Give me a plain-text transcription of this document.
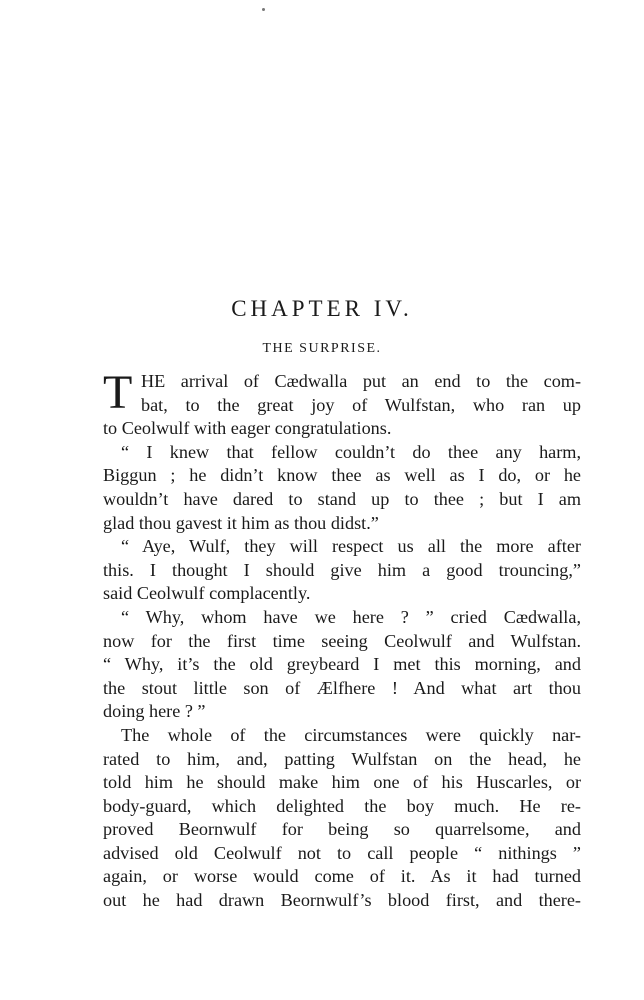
CHAPTER IV.
THE SURPRISE.
T HE arrival of Cædwalla put an end to the com-
bat, to the great joy of Wulfstan, who ran up
to Ceolwulf with eager congratulations.
“ I knew that fellow couldn’t do thee any harm,
Biggun ; he didn’t know thee as well as I do, or he
wouldn’t have dared to stand up to thee ; but I am
glad thou gavest it him as thou didst.”
“ Aye, Wulf, they will respect us all the more after
this. I thought I should give him a good trouncing,”
said Ceolwulf complacently.
“ Why, whom have we here ? ” cried Cædwalla,
now for the first time seeing Ceolwulf and Wulfstan.
“ Why, it’s the old greybeard I met this morning, and
the stout little son of Ælfhere ! And what art thou
doing here ? ”
The whole of the circumstances were quickly nar-
rated to him, and, patting Wulfstan on the head, he
told him he should make him one of his Huscarles, or
body-guard, which delighted the boy much. He re-
proved Beornwulf for being so quarrelsome, and
advised old Ceolwulf not to call people “ nithings ”
again, or worse would come of it. As it had turned
out he had drawn Beornwulf’s blood first, and there-
